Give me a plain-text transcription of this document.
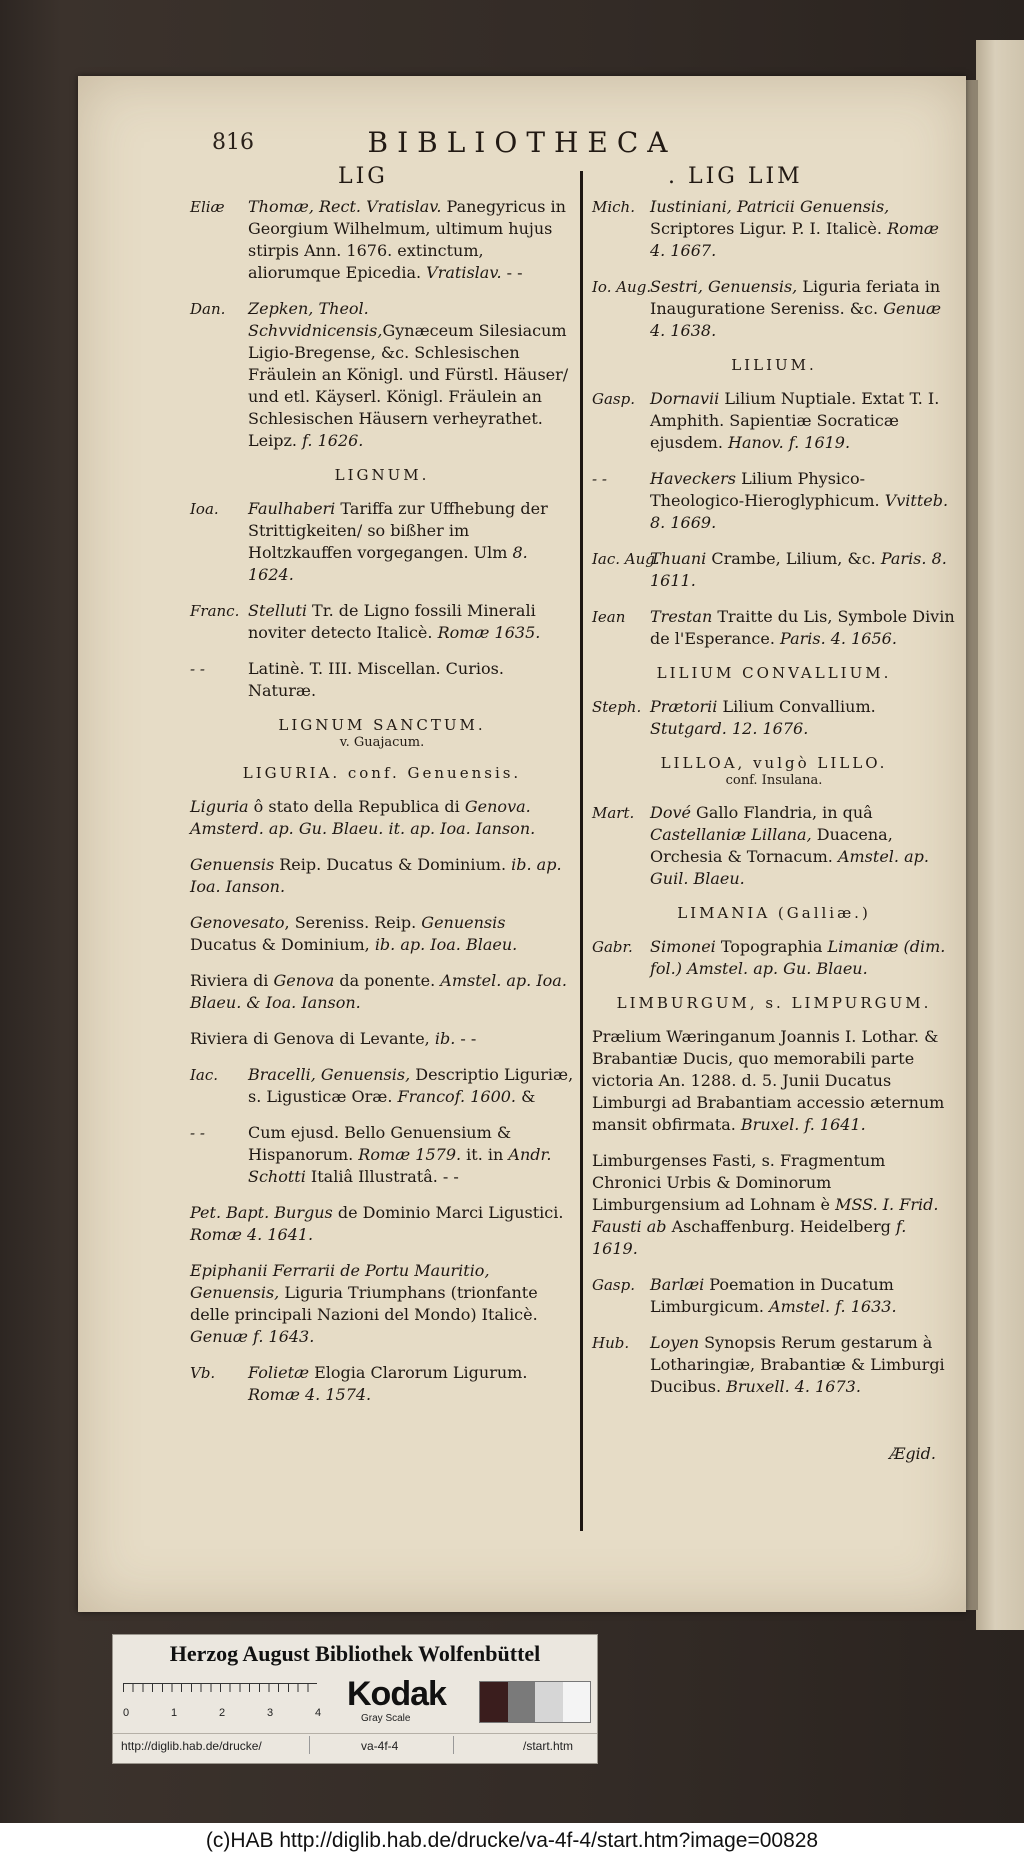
816	BIBLIOTHECA
LIG	. LIG LIM
Eliæ Thomæ, Rect. Vratislav. Panegyricus in Georgium Wilhelmum, ultimum hujus stirpis Ann. 1676. extinctum, aliorumque Epicedia. Vratislav. - -
Dan. Zepken, Theol. Schvvidnicensis,Gynæceum Silesiacum Ligio-Bregense, &c. Schlesischen Fräulein an Königl. und Fürstl. Häuser/ und etl. Käyserl. Königl. Fräulein an Schlesischen Häusern verheyrathet. Leipz. f. 1626.
LIGNUM.
Ioa. Faulhaberi Tariffa zur Uffhebung der Strittigkeiten/ so bißher im Holtzkauffen vorgegangen. Ulm 8. 1624.
Franc. Stelluti Tr. de Ligno fossili Minerali noviter detecto Italicè. Romæ 1635.
- -	Latinè. T. III. Miscellan. Curios. Naturæ.
LIGNUM SANCTUM.
v. Guajacum.
LIGURIA. conf. Genuensis.
Liguria ô stato della Republica di Genova. Amsterd. ap. Gu. Blaeu. it. ap. Ioa. Ianson.
Genuensis Reip. Ducatus & Dominium. ib. ap. Ioa. Ianson.
Genovesato, Sereniss. Reip. Genuensis Ducatus & Dominium, ib. ap. Ioa. Blaeu.
Riviera di Genova da ponente. Amstel. ap. Ioa. Blaeu. & Ioa. Ianson.
Riviera di Genova di Levante, ib. - -
Iac. Bracelli, Genuensis, Descriptio Liguriæ, s. Ligusticæ Oræ. Francof. 1600. &
- -	Cum ejusd. Bello Genuensium & Hispanorum. Romæ 1579. it. in Andr. Schotti Italiâ Illustratâ. - -
Pet. Bapt. Burgus de Dominio Marci Ligustici. Romæ 4. 1641.
Epiphanii Ferrarii de Portu Mauritio, Genuensis, Liguria Triumphans (trionfante delle principali Nazioni del Mondo) Italicè. Genuæ f. 1643.
Vb. Folietæ Elogia Clarorum Ligurum. Romæ 4. 1574.
Mich. Iustiniani, Patricii Genuensis, Scriptores Ligur. P. I. Italicè. Romæ 4. 1667.
Io. Aug.
Sestri, Genuensis, Liguria feriata in Inauguratione Sereniss. &c. Genuæ 4. 1638.
LILIUM.
Gasp. Dornavii Lilium Nuptiale. Extat T. I. Amphith. Sapientiæ Socraticæ ejusdem. Hanov. f. 1619.
- -	Haveckers Lilium Physico-Theologico-Hieroglyphicum. Vvitteb. 8. 1669.
Iac. Aug.
Thuani Crambe, Lilium, &c. Paris. 8. 1611.
Iean Trestan Traitte du Lis, Symbole Divin de l'Esperance. Paris. 4. 1656.
LILIUM CONVALLIUM.
Steph. Prætorii Lilium Convallium. Stutgard. 12. 1676.
LILLOA, vulgò LILLO.
conf. Insulana.
Mart. Dové Gallo Flandria, in quâ Castellaniæ Lillana, Duacena, Orchesia & Tornacum. Amstel. ap. Guil. Blaeu.
LIMANIA (Galliæ.)
Gabr. Simonei Topographia Limaniæ (dim. fol.) Amstel. ap. Gu. Blaeu.
LIMBURGUM, s. LIMPURGUM.
Prælium Wæringanum Joannis I. Lothar. & Brabantiæ Ducis, quo memorabili parte victoria An. 1288. d. 5. Junii Ducatus Limburgi ad Brabantiam accessio æternum mansit obfirmata. Bruxel. f. 1641.
Limburgenses Fasti, s. Fragmentum Chronici Urbis & Dominorum Limburgensium ad Lohnam è MSS. I. Frid. Fausti ab Aschaffenburg. Heidelberg f. 1619.
Gasp. Barlæi Poemation in Ducatum Limburgicum. Amstel. f. 1633.
Hub. Loyen Synopsis Rerum gestarum à Lotharingiæ, Brabantiæ & Limburgi Ducibus. Bruxell. 4. 1673.
Ægid.
Herzog August Bibliothek Wolfenbüttel
0	1	2	3	4 Kodak
Gray Scale
http://diglib.hab.de/drucke/	va-4f-4	/start.htm
(c)HAB http://diglib.hab.de/drucke/va-4f-4/start.htm?image=00828
